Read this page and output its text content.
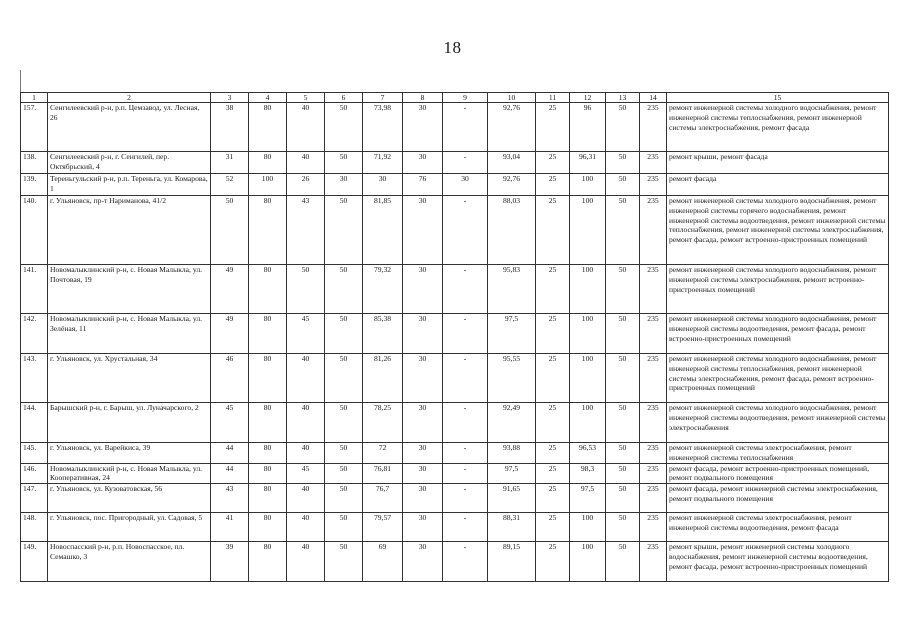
18
1	2	3	4	5	6	7	8	9	10	11	12	13	14	15
157.	Сенгилеевский р-н, р.п. Цемзавод, ул. Лесная, 26	38	80	40	50	73,98	30	-	92,76	25	96	50	235	ремонт инженерной системы холодного водоснабжения, ремонт инженерной системы теплоснабжения, ремонт инженерной системы электроснабжения, ремонт фасада
138.	Сенгилеевский р-н, г. Сенгилей, пер. Октябрьский, 4	31	80	40	50	71,92	30	-	93,04	25	96,31	50	235	ремонт крыши, ремонт фасада
139.	Тереньгульский р-н, р.п. Тереньга, ул. Комарова, 1	52	100	26	30	30	76	30	92,76	25	100	50	235	ремонт фасада
140.	г. Ульяновск, пр-т Нариманова, 41/2	50	80	43	50	81,85	30	-	88,03	25	100	50	235	ремонт инженерной системы холодного водоснабжения, ремонт инженерной системы горячего водоснабжения, ремонт инженерной системы водоотведения, ремонт инженерной системы теплоснабжения, ремонт инженерной системы электроснабжения, ремонт фасада, ремонт встроенно-пристроенных помещений
141.	Новомалыклинский р-н, с. Новая Малыкла, ул. Почтовая, 19	49	80	50	50	79,32	30	-	95,83	25	100	50	235	ремонт инженерной системы холодного водоснабжения, ремонт инженерной системы электроснабжения, ремонт встроенно-пристроенных помещений
142.	Новомалыклинский р-н, с. Новая Малыкла, ул. Зелёная, 11	49	80	45	50	85,38	30	-	97,5	25	100	50	235	ремонт инженерной системы холодного водоснабжения, ремонт инженерной системы водоотведения, ремонт фасада, ремонт встроенно-пристроенных помещений
143.	г. Ульяновск, ул. Хрустальная, 34	46	80	40	50	81,26	30	-	95,55	25	100	50	235	ремонт инженерной системы холодного водоснабжения, ремонт инженерной системы теплоснабжения, ремонт инженерной системы электроснабжения, ремонт фасада, ремонт встроенно-пристроенных помещений
144.	Барышский р-н, г. Барыш, ул. Луначарского, 2	45	80	40	50	78,25	30	-	92,49	25	100	50	235	ремонт инженерной системы холодного водоснабжения, ремонт инженерной системы водоотведения, ремонт инженерной системы электроснабжения
145.	г. Ульяновск, ул. Варейкиса, 39	44	80	40	50	72	30	-	93,88	25	96,53	50	235	ремонт инженерной системы электроснабжения, ремонт инженерной системы теплоснабжения
146.	Новомалыклинский р-н, с. Новая Малыкла, ул. Кооперативная, 24	44	80	45	50	76,81	30	-	97,5	25	98,3	50	235	ремонт фасада, ремонт встроенно-пристроенных помещений, ремонт подвального помещения
147.	г. Ульяновск, ул. Кузоватовская, 56	43	80	40	50	76,7	30	-	91,65	25	97,5	50	235	ремонт фасада, ремонт инженерной системы электроснабжения, ремонт подвального помещения
148.	г. Ульяновск, пос. Пригородный, ул. Садовая, 5	41	80	40	50	79,57	30	-	88,31	25	100	50	235	ремонт инженерной системы электроснабжения, ремонт инженерной системы водоотведения, ремонт фасада
149.	Новоспасский р-н, р.п. Новоспасское, пл. Семашко, 3	39	80	40	50	69	30	-	89,15	25	100	50	235	ремонт крыши, ремонт инженерной системы холодного водоснабжения, ремонт инженерной системы водоотведения, ремонт фасада, ремонт встроенно-пристроенных помещений
